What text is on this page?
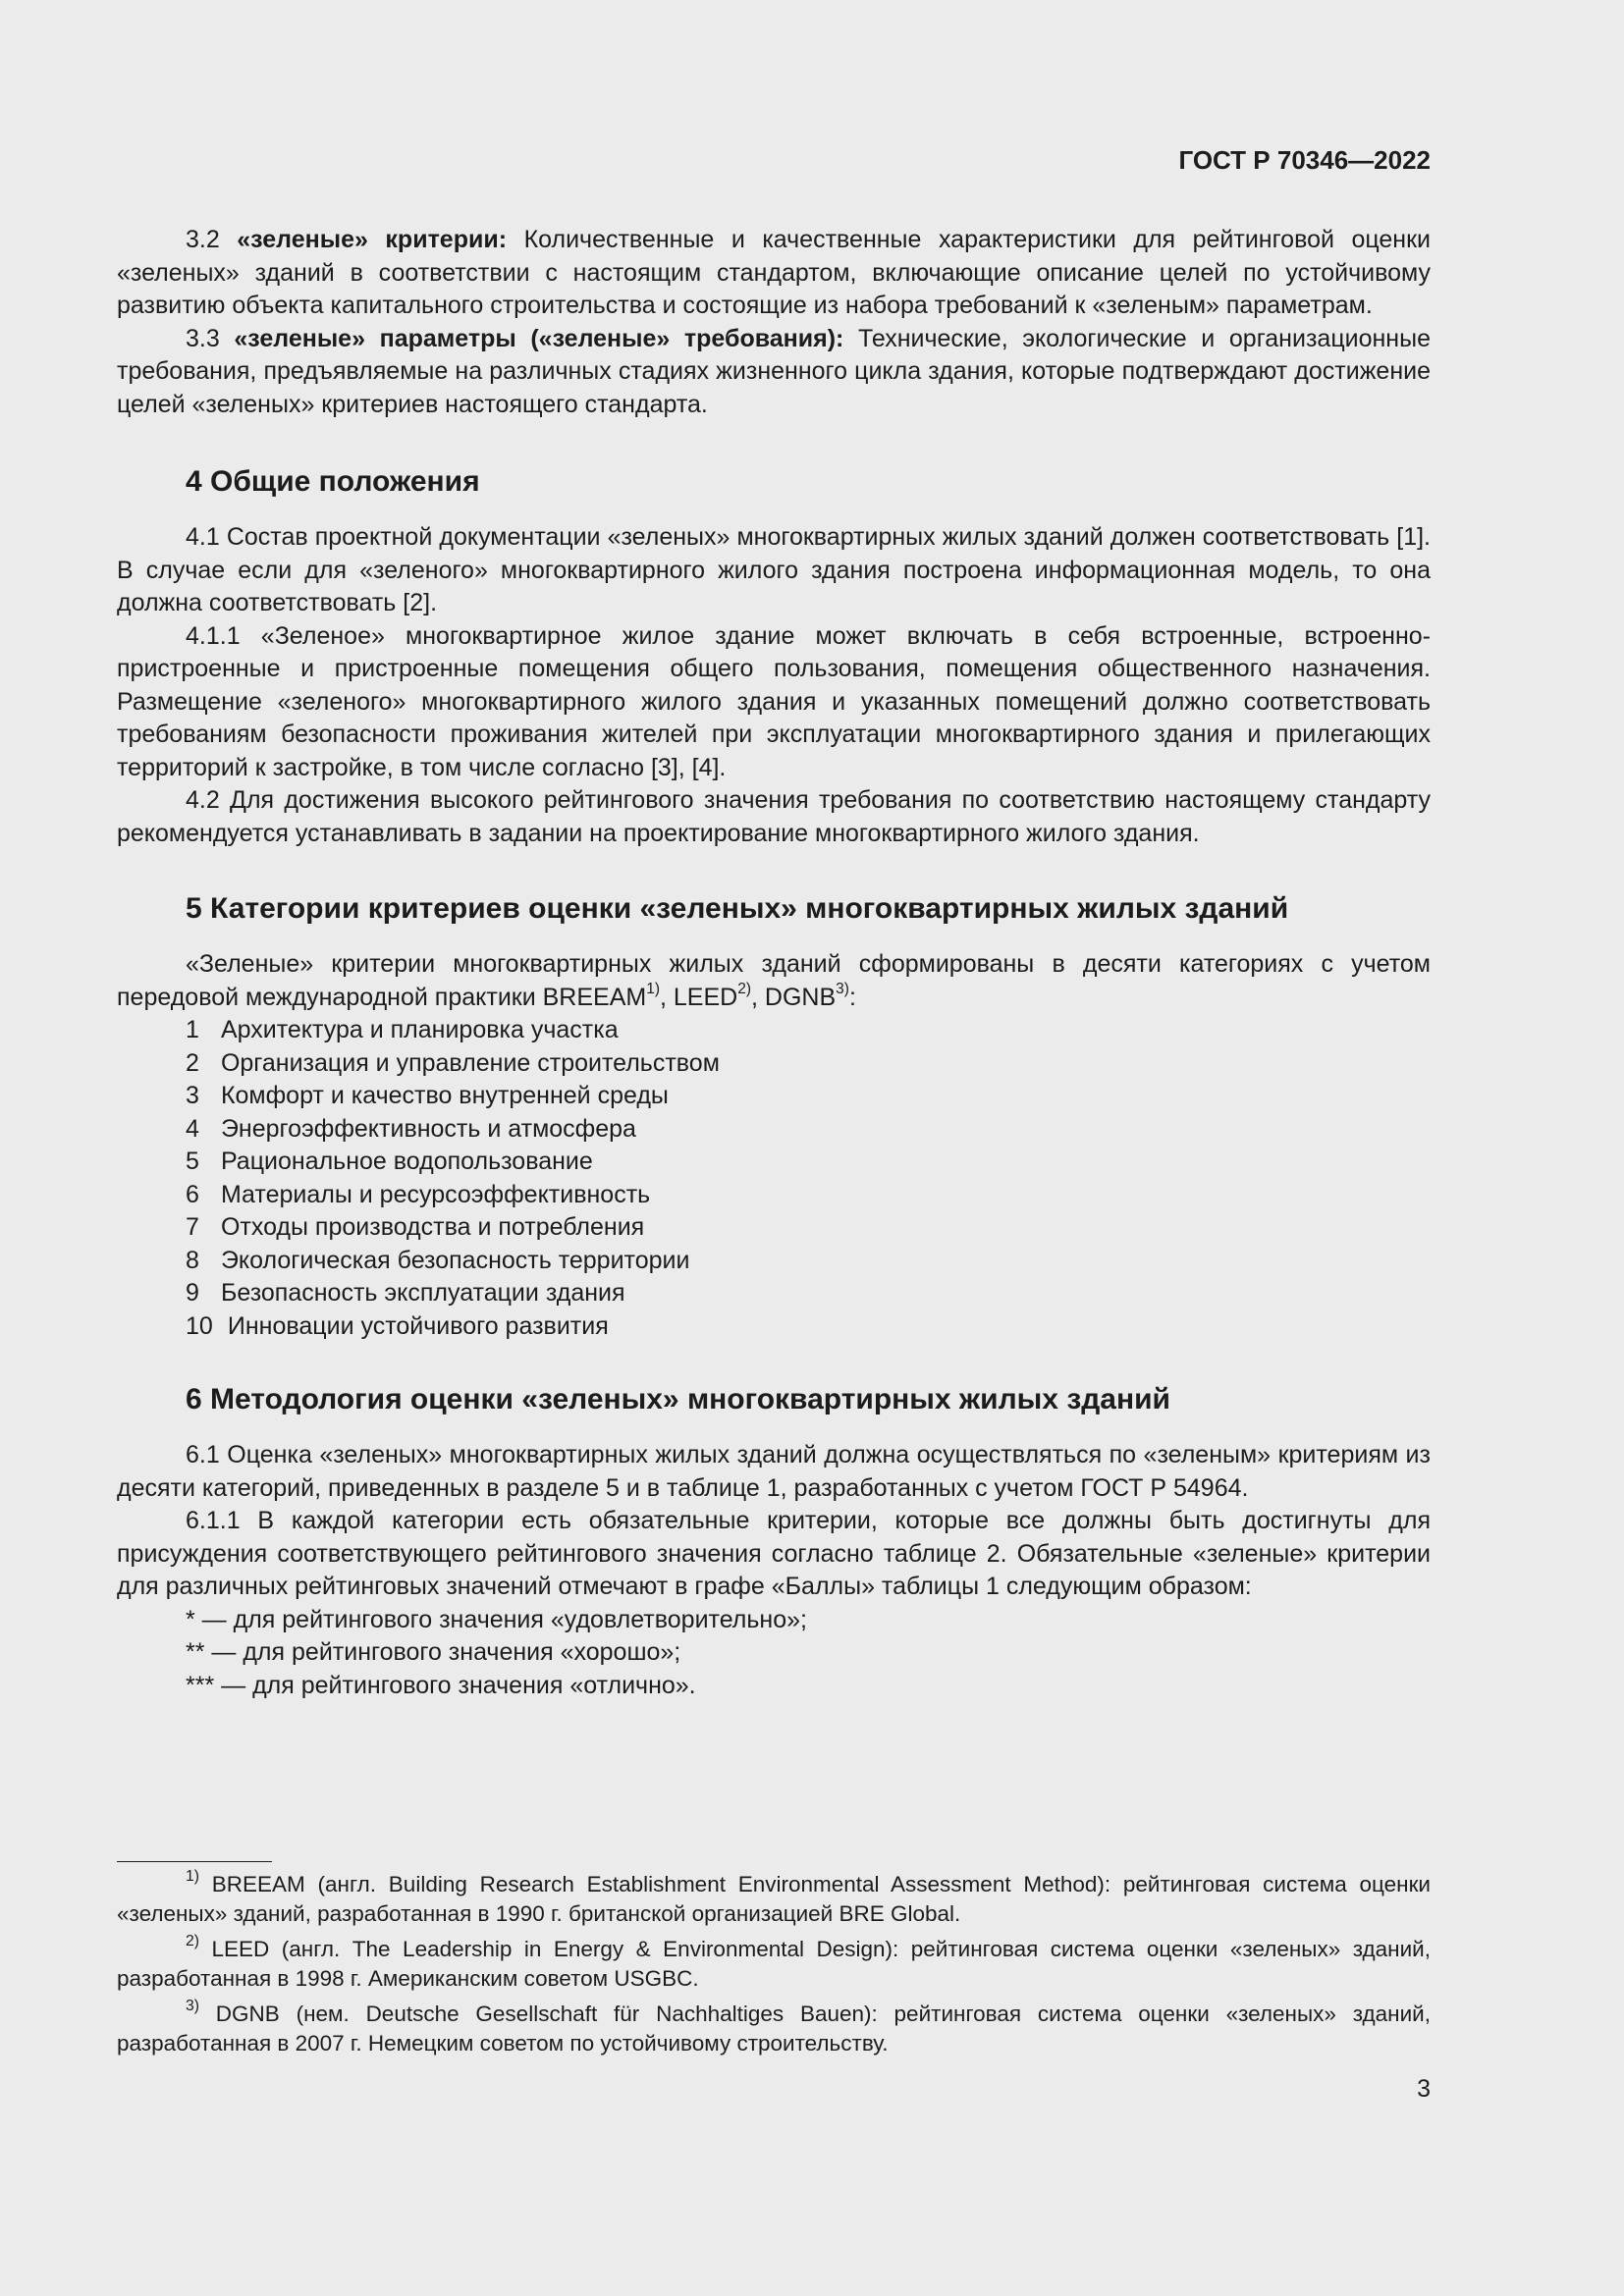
ГОСТ Р 70346—2022

3.2 «зеленые» критерии: Количественные и качественные характеристики для рейтинговой оценки «зеленых» зданий в соответствии с настоящим стандартом, включающие описание целей по устойчивому развитию объекта капитального строительства и состоящие из набора требований к «зеленым» параметрам.

3.3 «зеленые» параметры («зеленые» требования): Технические, экологические и организационные требования, предъявляемые на различных стадиях жизненного цикла здания, которые подтверждают достижение целей «зеленых» критериев настоящего стандарта.

4 Общие положения

4.1 Состав проектной документации «зеленых» многоквартирных жилых зданий должен соответствовать [1]. В случае если для «зеленого» многоквартирного жилого здания построена информационная модель, то она должна соответствовать [2].

4.1.1 «Зеленое» многоквартирное жилое здание может включать в себя встроенные, встроенно-пристроенные и пристроенные помещения общего пользования, помещения общественного назначения. Размещение «зеленого» многоквартирного жилого здания и указанных помещений должно соответствовать требованиям безопасности проживания жителей при эксплуатации многоквартирного здания и прилегающих территорий к застройке, в том числе согласно [3], [4].

4.2 Для достижения высокого рейтингового значения требования по соответствию настоящему стандарту рекомендуется устанавливать в задании на проектирование многоквартирного жилого здания.

5 Категории критериев оценки «зеленых» многоквартирных жилых зданий

«Зеленые» критерии многоквартирных жилых зданий сформированы в десяти категориях с учетом передовой международной практики BREEAM$^{1)}$, LEED$^{2)}$, DGNB$^{3)}$:

1
Архитектура и планировка участка
2
Организация и управление строительством
3
Комфорт и качество внутренней среды
4
Энергоэффективность и атмосфера
5
Рациональное водопользование
6
Материалы и ресурсоэффективность
7
Отходы производства и потребления
8
Экологическая безопасность территории
9
Безопасность эксплуатации здания
10
Инновации устойчивого развития
6 Методология оценки «зеленых» многоквартирных жилых зданий

6.1 Оценка «зеленых» многоквартирных жилых зданий должна осуществляться по «зеленым» критериям из десяти категорий, приведенных в разделе 5 и в таблице 1, разработанных с учетом ГОСТ Р 54964.

6.1.1 В каждой категории есть обязательные критерии, которые все должны быть достигнуты для присуждения соответствующего рейтингового значения согласно таблице 2. Обязательные «зеленые» критерии для различных рейтинговых значений отмечают в графе «Баллы» таблицы 1 следующим образом:

* — для рейтингового значения «удовлетворительно»;

** — для рейтингового значения «хорошо»;

*** — для рейтингового значения «отлично».

$^{1)}$ BREEAM (англ. Building Research Establishment Environmental Assessment Method): рейтинговая система оценки «зеленых» зданий, разработанная в 1990 г. британской организацией BRE Global.

$^{2)}$ LEED (англ. The Leadership in Energy & Environmental Design): рейтинговая система оценки «зеленых» зданий, разработанная в 1998 г. Американским советом USGBC.

$^{3)}$ DGNB (нем. Deutsche Gesellschaft für Nachhaltiges Bauen): рейтинговая система оценки «зеленых» зданий, разработанная в 2007 г. Немецким советом по устойчивому строительству.

3
